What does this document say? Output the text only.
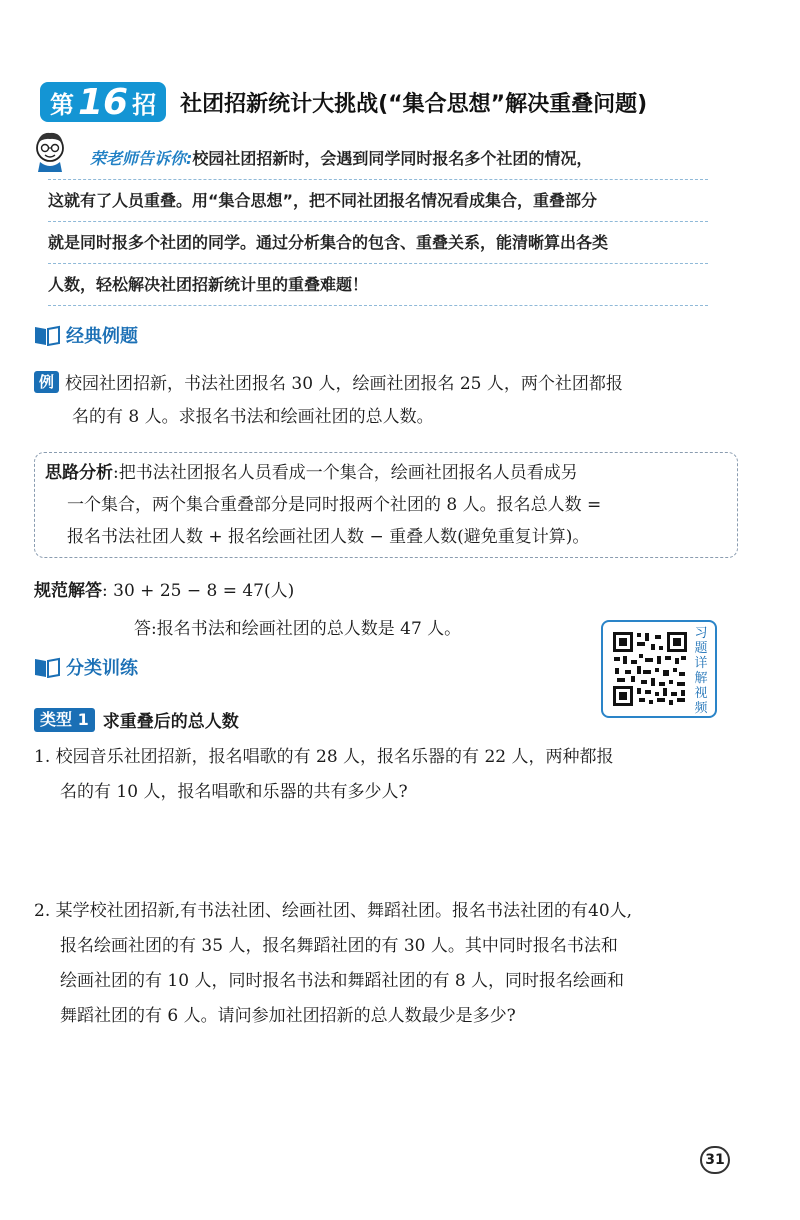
第 16 招 社团招新统计大挑战(“集合思想”解决重叠问题)
荣老师告诉你:校园社团招新时，会遇到同学同时报名多个社团的情况，
这就有了人员重叠。用“集合思想”，把不同社团报名情况看成集合，重叠部分
就是同时报多个社团的同学。通过分析集合的包含、重叠关系，能清晰算出各类
人数，轻松解决社团招新统计里的重叠难题！
经典例题
例 校园社团招新，书法社团报名 30 人，绘画社团报名 25 人，两个社团都报
名的有 8 人。求报名书法和绘画社团的总人数。
思路分析:把书法社团报名人员看成一个集合，绘画社团报名人员看成另
一个集合，两个集合重叠部分是同时报两个社团的 8 人。报名总人数 =
报名书法社团人数 + 报名绘画社团人数 − 重叠人数(避免重复计算)。
规范解答: 30 + 25 − 8 = 47(人)
答:报名书法和绘画社团的总人数是 47 人。	习
题
详
解
视
频
分类训练
类型 1 求重叠后的总人数
1. 校园音乐社团招新，报名唱歌的有 28 人，报名乐器的有 22 人，两种都报
名的有 10 人，报名唱歌和乐器的共有多少人?
2. 某学校社团招新,有书法社团、绘画社团、舞蹈社团。报名书法社团的有40人,
报名绘画社团的有 35 人，报名舞蹈社团的有 30 人。其中同时报名书法和
绘画社团的有 10 人，同时报名书法和舞蹈社团的有 8 人，同时报名绘画和
舞蹈社团的有 6 人。请问参加社团招新的总人数最少是多少?
31
